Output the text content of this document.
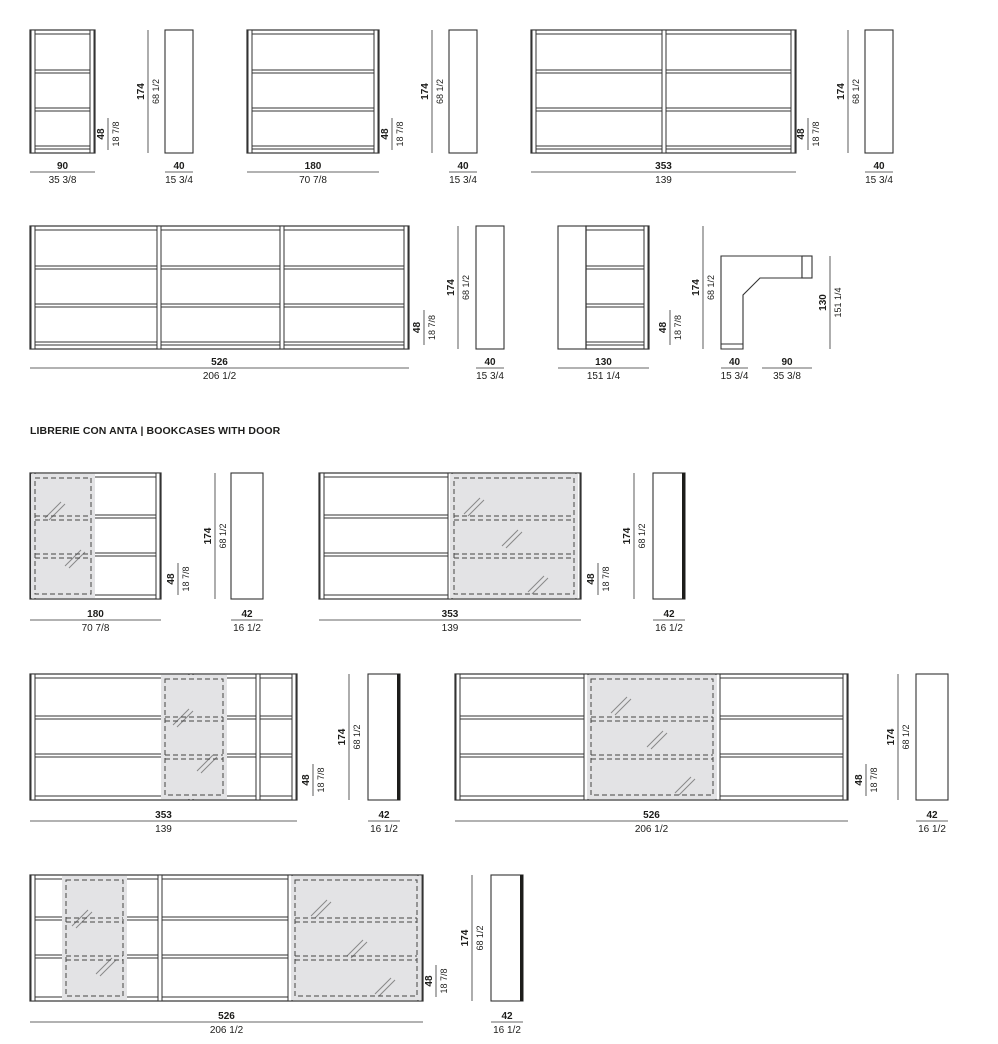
LIBRERIE CON ANTA | BOOKCASES WITH DOOR
90
35 3/8
174 68 1/2
48 18 7/8
40
15 3/4
180
70 7/8
174 68 1/2
48 18 7/8
40
15 3/4
353
139
174 68 1/2
48 18 7/8
40
15 3/4
526
206 1/2
174 68 1/2
48 18 7/8
40
15 3/4
130
151 1/4
48 18 7/8
174 68 1/2
40
15 3/4
90
35 3/8
130 151 1/4
180
70 7/8
174 68 1/2
48 18 7/8
42
16 1/2
353
139
174 68 1/2
48 18 7/8
42
16 1/2
353
139
174 68 1/2
48 18 7/8
42
16 1/2
526
206 1/2
174 68 1/2
48 18 7/8
42
16 1/2
526
206 1/2
174 68 1/2
48 18 7/8
42
16 1/2
